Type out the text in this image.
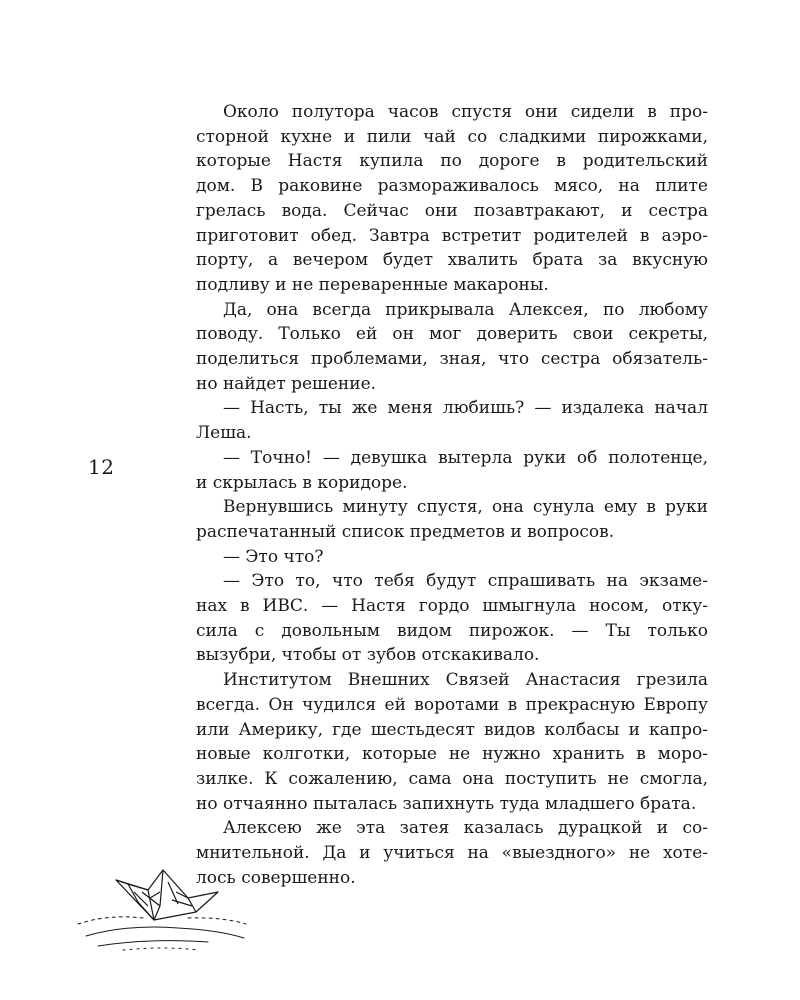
12
Около полутора часов спустя они сидели в про-
сторной кухне и пили чай со сладкими пирожками,
которые Настя купила по дороге в родительский
дом. В раковине размораживалось мясо, на плите
грелась вода. Сейчас они позавтракают, и сестра
приготовит обед. Завтра встретит родителей в аэро-
порту, а вечером будет хвалить брата за вкусную
подливу и не переваренные макароны.
Да, она всегда прикрывала Алексея, по любому
поводу. Только ей он мог доверить свои секреты,
поделиться проблемами, зная, что сестра обязатель-
но найдет решение.
— Насть, ты же меня любишь? — издалека начал
Леша.
— Точно! — девушка вытерла руки об полотенце,
и скрылась в коридоре.
Вернувшись минуту спустя, она сунула ему в руки
распечатанный список предметов и вопросов.
— Это что?
— Это то, что тебя будут спрашивать на экзаме-
нах в ИВС. — Настя гордо шмыгнула носом, отку-
сила с довольным видом пирожок. — Ты только
вызубри, чтобы от зубов отскакивало.
Институтом Внешних Связей Анастасия грезила
всегда. Он чудился ей воротами в прекрасную Европу
или Америку, где шестьдесят видов колбасы и капро-
новые колготки, которые не нужно хранить в моро-
зилке. К сожалению, сама она поступить не смогла,
но отчаянно пыталась запихнуть туда младшего брата.
Алексею же эта затея казалась дурацкой и со-
мнительной. Да и учиться на «выездного» не хоте-
лось совершенно.
